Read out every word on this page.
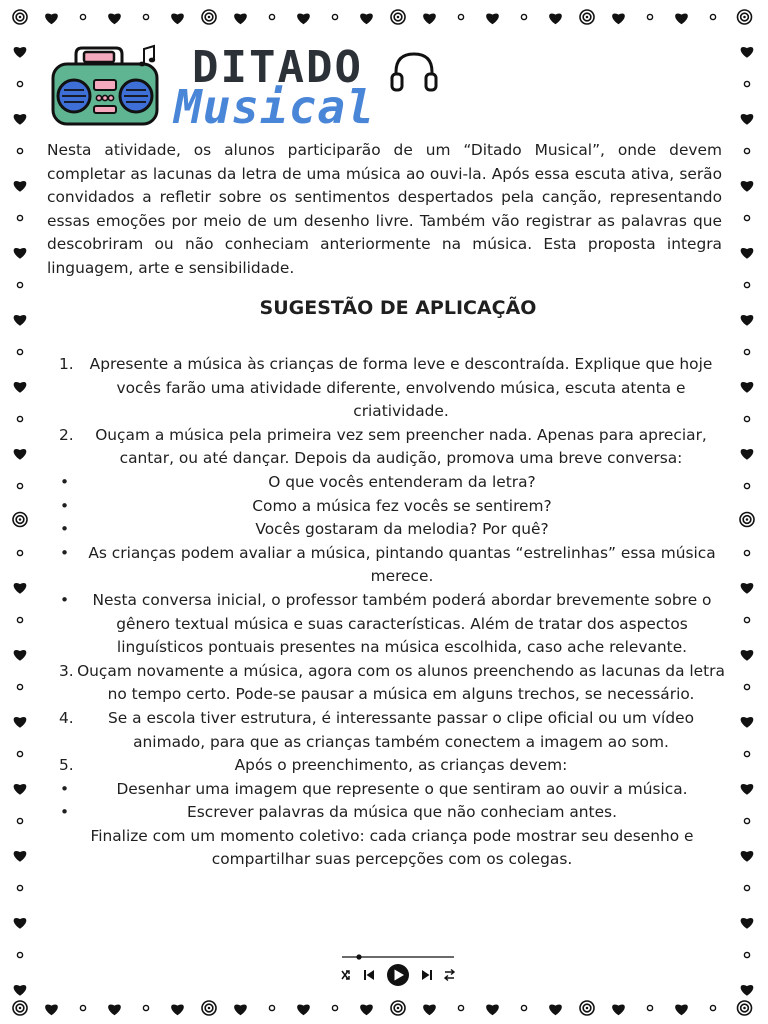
DITADO
Musical

Nesta atividade, os alunos participarão de um “Ditado Musical”, onde devem completar as lacunas da letra de uma música ao ouvi-la. Após essa escuta ativa, serão convidados a refletir sobre os sentimentos despertados pela canção, representando essas emoções por meio de um desenho livre. Também vão registrar as palavras que descobriram ou não conheciam anteriormente na música. Esta proposta integra linguagem, arte e sensibilidade.

SUGESTÃO DE APLICAÇÃO
1.	Apresente a música às crianças de forma leve e descontraída. Explique que hoje vocês farão uma atividade diferente, envolvendo música, escuta atenta e criatividade.
2.	Ouçam a música pela primeira vez sem preencher nada. Apenas para apreciar, cantar, ou até dançar. Depois da audição, promova uma breve conversa:
•	O que vocês entenderam da letra?
•	Como a música fez vocês se sentirem?
•	Vocês gostaram da melodia? Por quê?
•	As crianças podem avaliar a música, pintando quantas “estrelinhas” essa música merece.
•	Nesta conversa inicial, o professor também poderá abordar brevemente sobre o gênero textual música e suas características. Além de tratar dos aspectos linguísticos pontuais presentes na música escolhida, caso ache relevante.
3. Ouçam novamente a música, agora com os alunos preenchendo as lacunas da letra no tempo certo. Pode-se pausar a música em alguns trechos, se necessário.
4.	Se a escola tiver estrutura, é interessante passar o clipe oficial ou um vídeo animado, para que as crianças também conectem a imagem ao som.
5.	Após o preenchimento, as crianças devem:
•	Desenhar uma imagem que represente o que sentiram ao ouvir a música.
•	Escrever palavras da música que não conheciam antes.
Finalize com um momento coletivo: cada criança pode mostrar seu desenho e compartilhar suas percepções com os colegas.
